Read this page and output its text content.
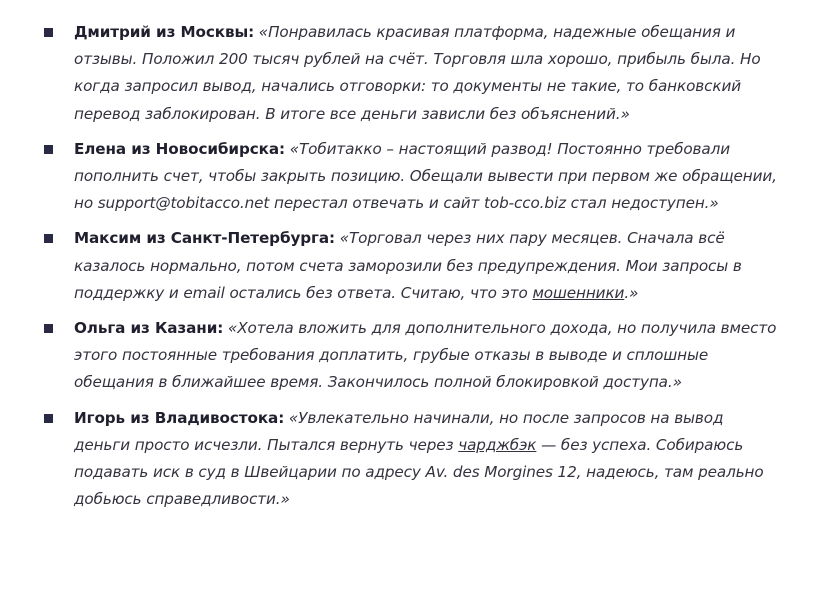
Дмитрий из Москвы: «Понравилась красивая платформа, надежные обещания и отзывы. Положил 200 тысяч рублей на счёт. Торговля шла хорошо, прибыль была. Но когда запросил вывод, начались отговорки: то документы не такие, то банковский перевод заблокирован. В итоге все деньги зависли без объяснений.»
Елена из Новосибирска: «Тобитакко – настоящий развод! Постоянно требовали пополнить счет, чтобы закрыть позицию. Обещали вывести при первом же обращении, но support@tobitacco.net перестал отвечать и сайт tob-cco.biz стал недоступен.»
Максим из Санкт-Петербурга: «Торговал через них пару месяцев. Сначала всё казалось нормально, потом счета заморозили без предупреждения. Мои запросы в поддержку и email остались без ответа. Считаю, что это мошенники.»
Ольга из Казани: «Хотела вложить для дополнительного дохода, но получила вместо этого постоянные требования доплатить, грубые отказы в выводе и сплошные обещания в ближайшее время. Закончилось полной блокировкой доступа.»
Игорь из Владивостока: «Увлекательно начинали, но после запросов на вывод деньги просто исчезли. Пытался вернуть через чарджбэк — без успеха. Собираюсь подавать иск в суд в Швейцарии по адресу Av. des Morgines 12, надеюсь, там реально добьюсь справедливости.»
